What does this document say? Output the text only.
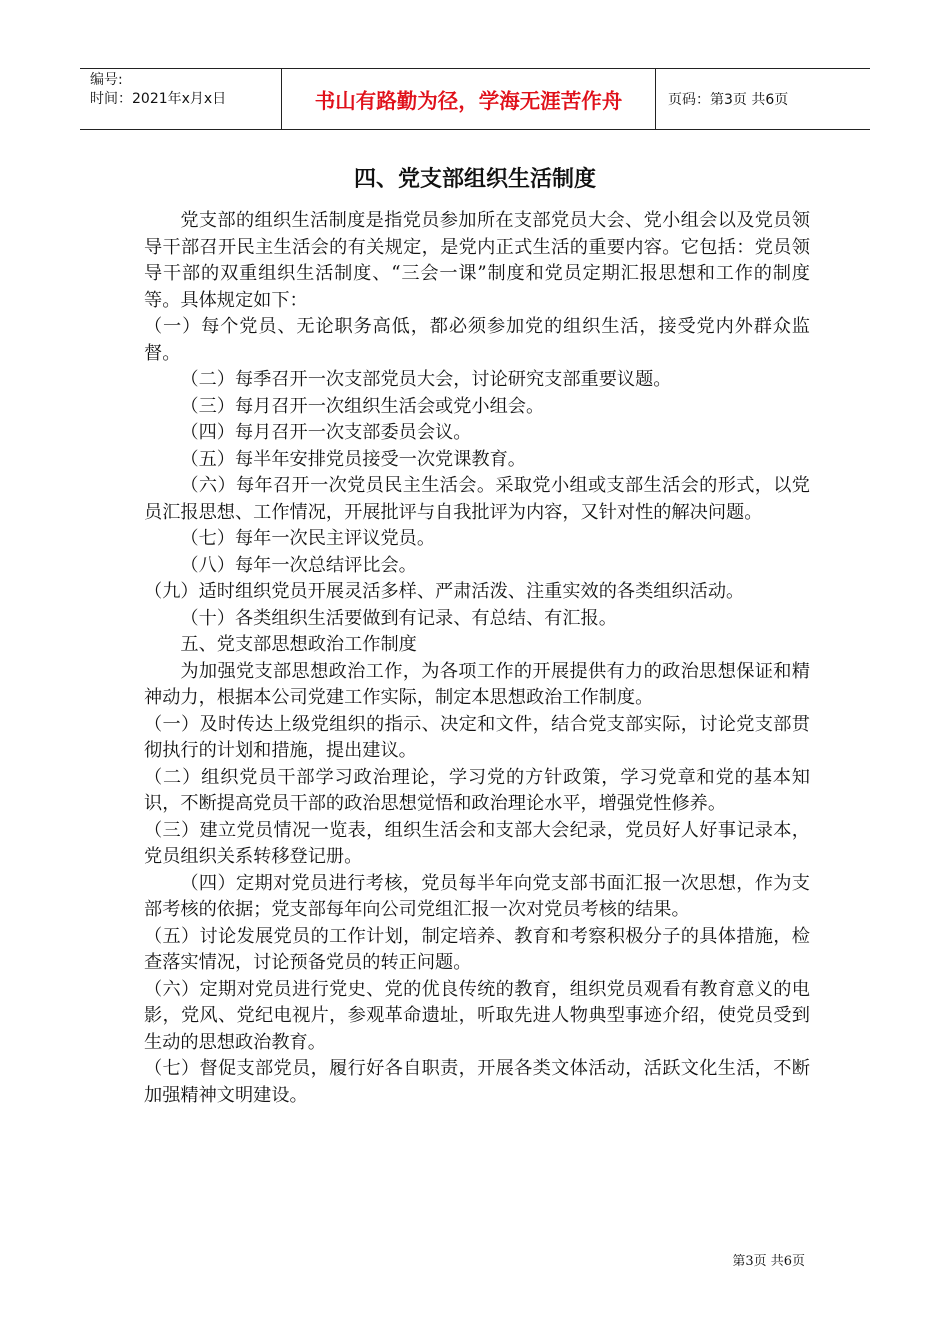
编号:
时间：2021年x月x日	书山有路勤为径，学海无涯苦作舟	页码：第3页 共6页
四、党支部组织生活制度

党支部的组织生活制度是指党员参加所在支部党员大会、党小组会以及党员领导干部召开民主生活会的有关规定，是党内正式生活的重要内容。它包括：党员领导干部的双重组织生活制度、“三会一课”制度和党员定期汇报思想和工作的制度等。具体规定如下：

（一）每个党员、无论职务高低，都必须参加党的组织生活，接受党内外群众监督。

（二）每季召开一次支部党员大会，讨论研究支部重要议题。

（三）每月召开一次组织生活会或党小组会。

（四）每月召开一次支部委员会议。

（五）每半年安排党员接受一次党课教育。

（六）每年召开一次党员民主生活会。采取党小组或支部生活会的形式，以党员汇报思想、工作情况，开展批评与自我批评为内容，又针对性的解决问题。

（七）每年一次民主评议党员。

（八）每年一次总结评比会。

（九）适时组织党员开展灵活多样、严肃活泼、注重实效的各类组织活动。

（十）各类组织生活要做到有记录、有总结、有汇报。

五、党支部思想政治工作制度

为加强党支部思想政治工作，为各项工作的开展提供有力的政治思想保证和精神动力，根据本公司党建工作实际，制定本思想政治工作制度。

（一）及时传达上级党组织的指示、决定和文件，结合党支部实际，讨论党支部贯彻执行的计划和措施，提出建议。

（二）组织党员干部学习政治理论，学习党的方针政策，学习党章和党的基本知识，不断提高党员干部的政治思想觉悟和政治理论水平，增强党性修养。

（三）建立党员情况一览表，组织生活会和支部大会纪录，党员好人好事记录本，党员组织关系转移登记册。

（四）定期对党员进行考核，党员每半年向党支部书面汇报一次思想，作为支部考核的依据；党支部每年向公司党组汇报一次对党员考核的结果。

（五）讨论发展党员的工作计划，制定培养、教育和考察积极分子的具体措施，检查落实情况，讨论预备党员的转正问题。

（六）定期对党员进行党史、党的优良传统的教育，组织党员观看有教育意义的电影，党风、党纪电视片，参观革命遗址，听取先进人物典型事迹介绍，使党员受到生动的思想政治教育。

（七）督促支部党员，履行好各自职责，开展各类文体活动，活跃文化生活，不断加强精神文明建设。

第3页 共6页
